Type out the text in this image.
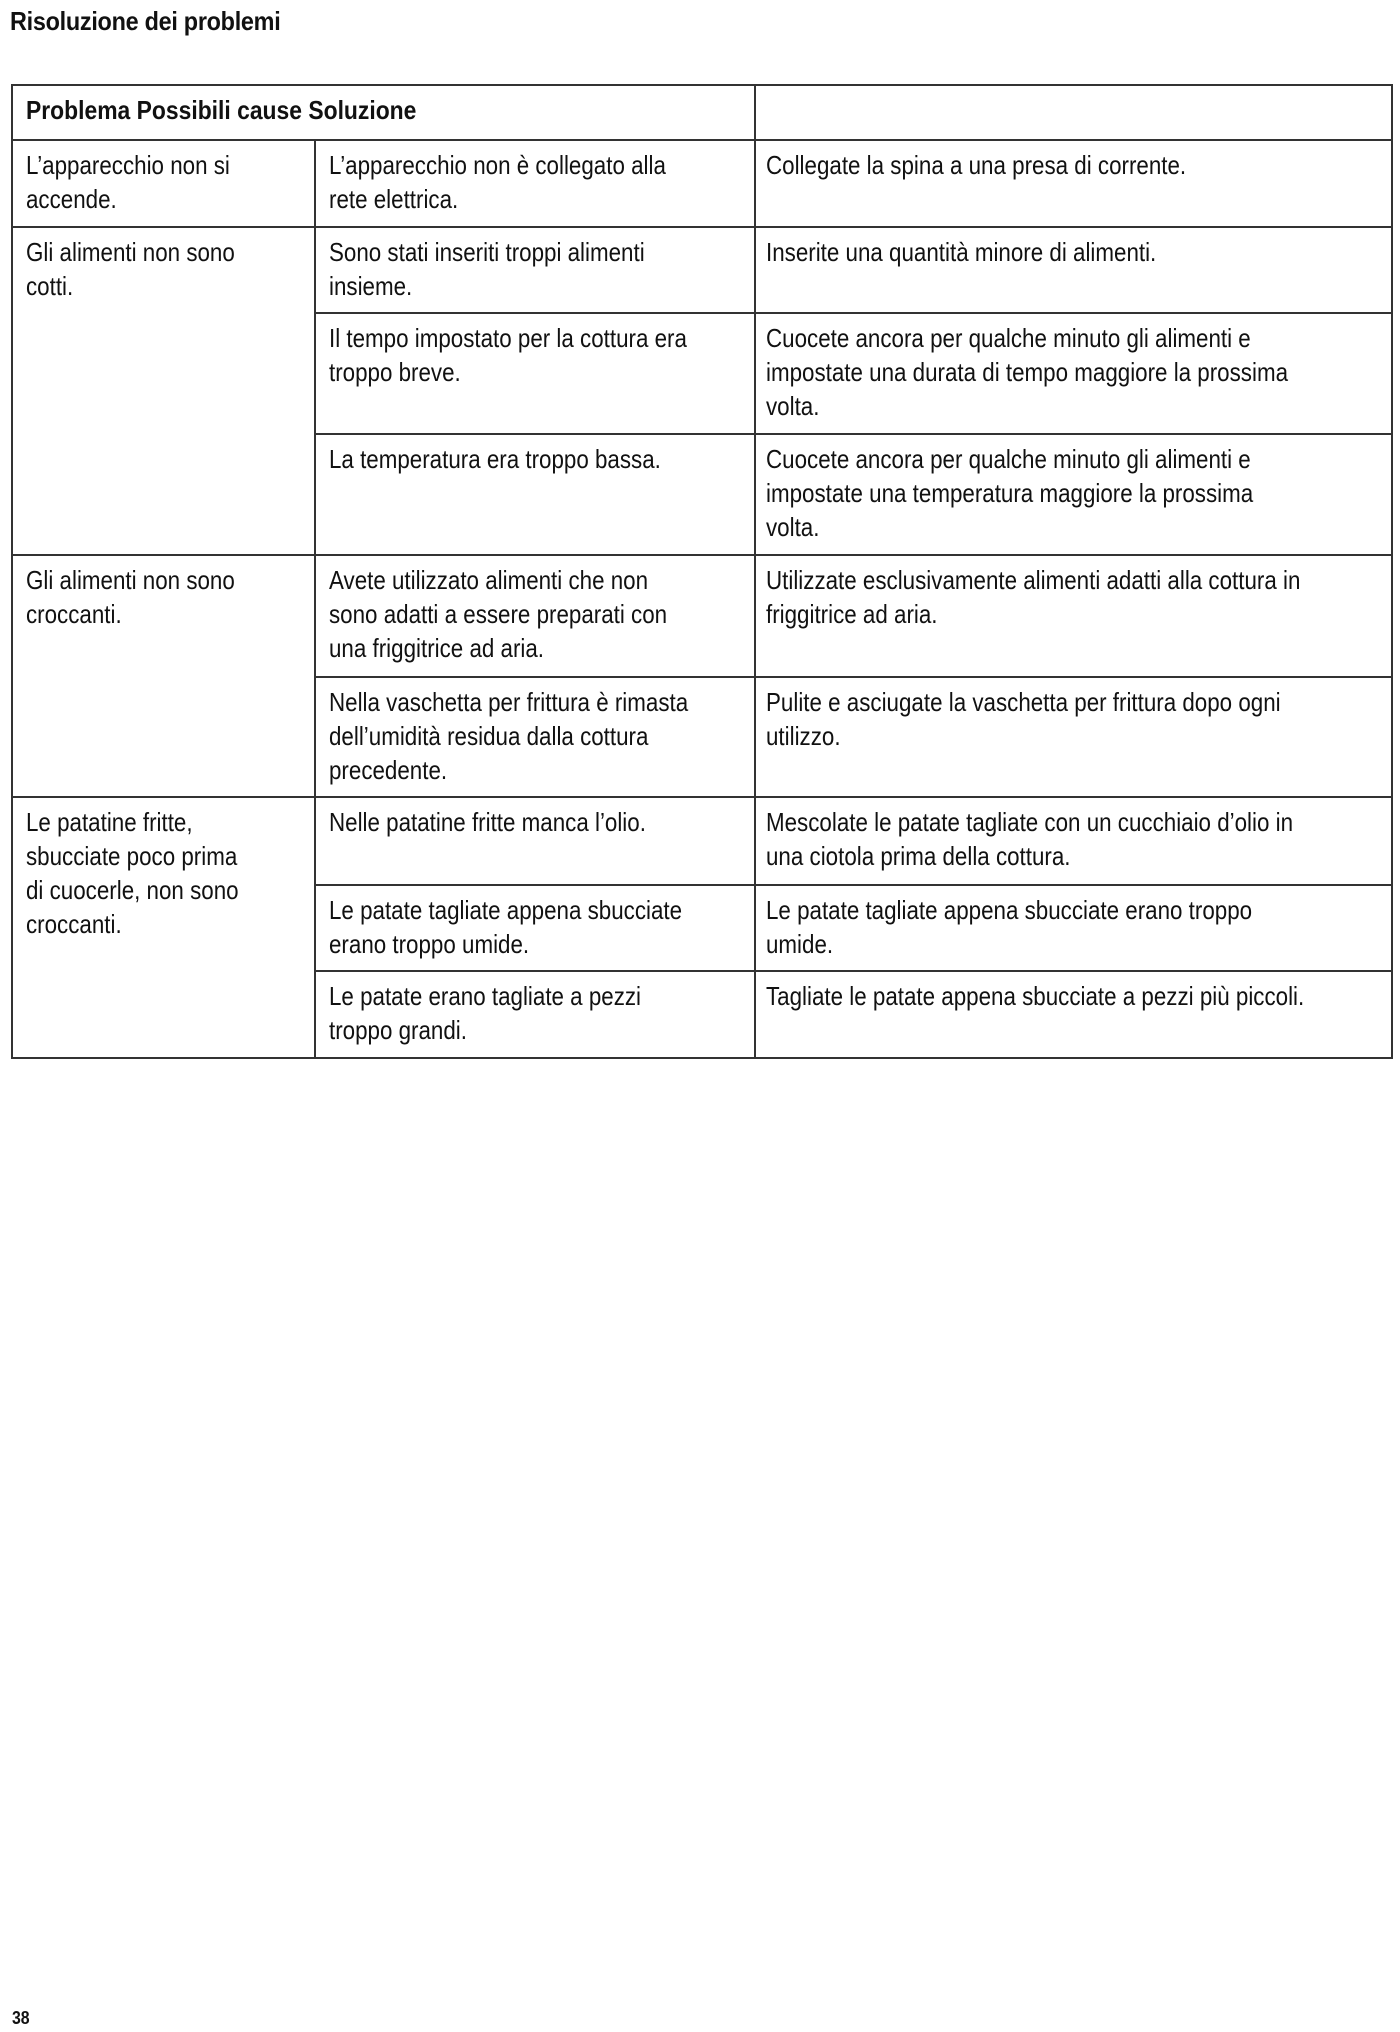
Risoluzione dei problemi
Problema Possibili cause Soluzione
L’apparecchio non si
accende.
Gli alimenti non sono
cotti.
Gli alimenti non sono
croccanti.
Le patatine fritte,
sbucciate poco prima
di cuocerle, non sono
croccanti.
L’apparecchio non è collegato alla
rete elettrica.
Sono stati inseriti troppi alimenti
insieme.
Il tempo impostato per la cottura era
troppo breve.
La temperatura era troppo bassa.
Avete utilizzato alimenti che non
sono adatti a essere preparati con
una friggitrice ad aria.
Nella vaschetta per frittura è rimasta
dell’umidità residua dalla cottura
precedente.
Nelle patatine fritte manca l’olio.
Le patate tagliate appena sbucciate
erano troppo umide.
Le patate erano tagliate a pezzi
troppo grandi.
Collegate la spina a una presa di corrente.
Inserite una quantità minore di alimenti.
Cuocete ancora per qualche minuto gli alimenti e
impostate una durata di tempo maggiore la prossima
volta.
Cuocete ancora per qualche minuto gli alimenti e
impostate una temperatura maggiore la prossima
volta.
Utilizzate esclusivamente alimenti adatti alla cottura in
friggitrice ad aria.
Pulite e asciugate la vaschetta per frittura dopo ogni
utilizzo.
Mescolate le patate tagliate con un cucchiaio d’olio in
una ciotola prima della cottura.
Le patate tagliate appena sbucciate erano troppo
umide.
Tagliate le patate appena sbucciate a pezzi più piccoli.
38
